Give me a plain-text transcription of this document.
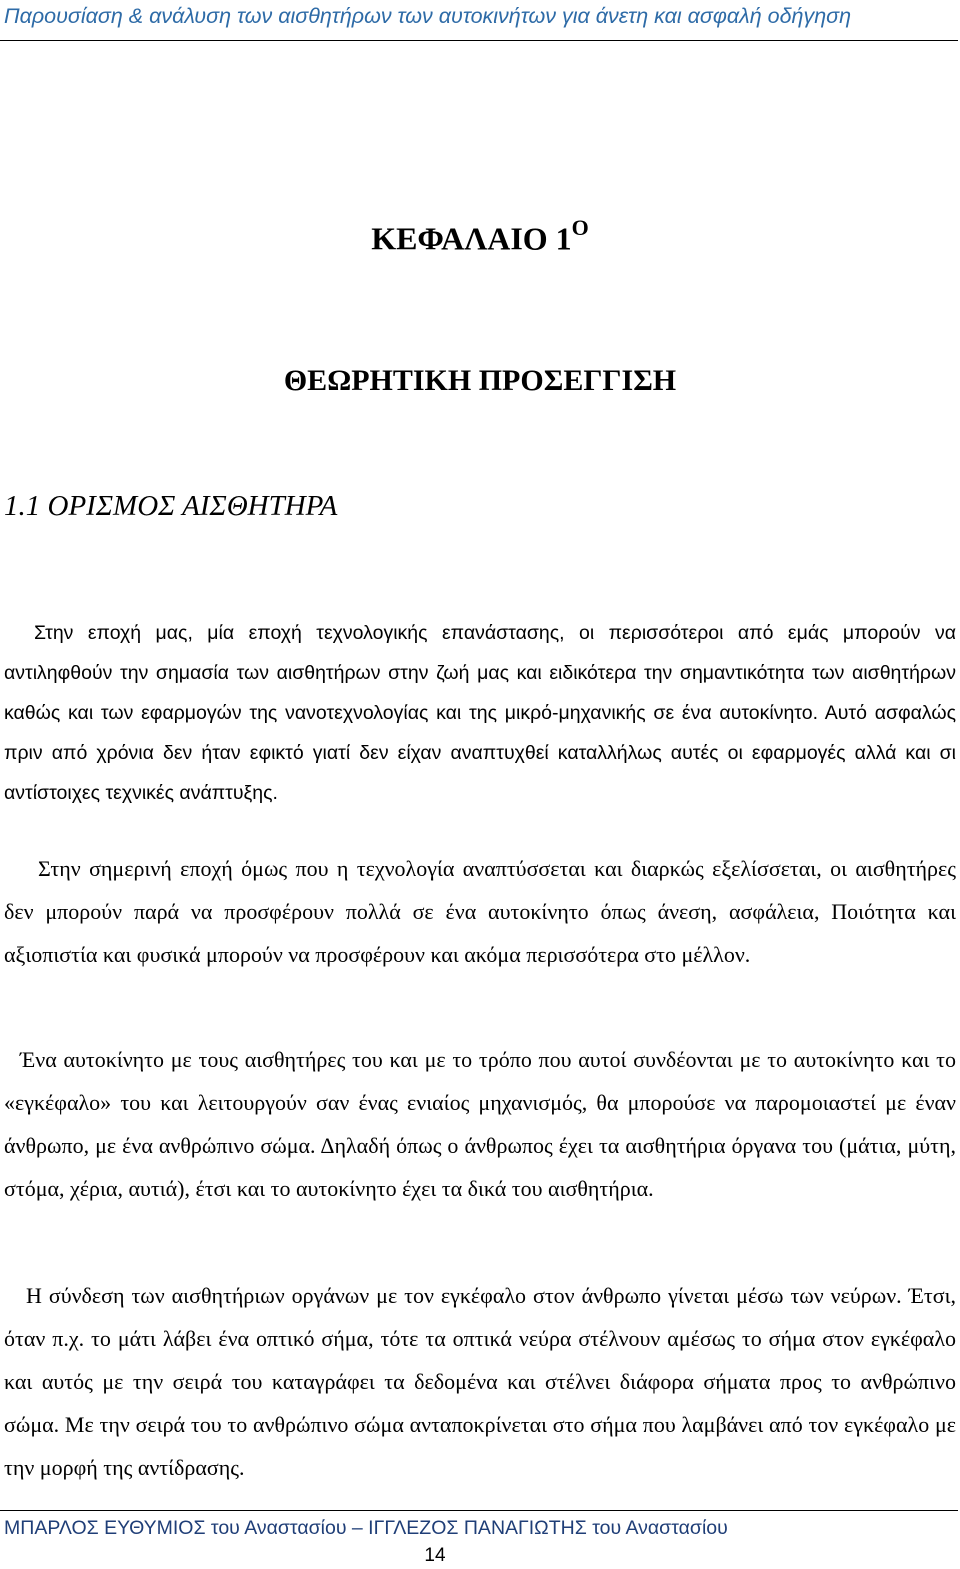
Παρουσίαση & ανάλυση των αισθητήρων των αυτοκινήτων για άνετη και ασφαλή οδήγηση
ΚΕΦΑΛΑΙΟ $1^O$
ΘΕΩΡΗΤΙΚΗ ΠΡΟΣΕΓΓΙΣΗ
1.1 ΟΡΙΣΜΟΣ ΑΙΣΘΗΤΗΡΑ

Στην εποχή μας, μία εποχή τεχνολογικής επανάστασης, οι περισσότεροι από εμάς μπορούν να αντιληφθούν την σημασία των αισθητήρων στην ζωή μας και ειδικότερα την σημαντικότητα των αισθητήρων καθώς και των εφαρμογών της νανοτεχνολογίας και της μικρό-μηχανικής σε ένα αυτοκίνητο. Αυτό ασφαλώς πριν από χρόνια δεν ήταν εφικτό γιατί δεν είχαν αναπτυχθεί καταλλήλως αυτές οι εφαρμογές αλλά και σι αντίστοιχες τεχνικές ανάπτυξης.

Στην σημερινή εποχή όμως που η τεχνολογία αναπτύσσεται και διαρκώς εξελίσσεται, οι αισθητήρες δεν μπορούν παρά να προσφέρουν πολλά σε ένα αυτοκίνητο όπως άνεση, ασφάλεια, Ποιότητα και αξιοπιστία και φυσικά μπορούν να προσφέρουν και ακόμα περισσότερα στο μέλλον.

Ένα αυτοκίνητο με τους αισθητήρες του και με το τρόπο που αυτοί συνδέονται με το αυτοκίνητο και το «εγκέφαλο» του και λειτουργούν σαν ένας ενιαίος μηχανισμός, θα μπορούσε να παρομοιαστεί με έναν άνθρωπο, με ένα ανθρώπινο σώμα. Δηλαδή όπως ο άνθρωπος έχει τα αισθητήρια όργανα του (μάτια, μύτη, στόμα, χέρια, αυτιά), έτσι και το αυτοκίνητο έχει τα δικά του αισθητήρια.

Η σύνδεση των αισθητήριων οργάνων με τον εγκέφαλο στον άνθρωπο γίνεται μέσω των νεύρων. Έτσι, όταν π.χ. το μάτι λάβει ένα οπτικό σήμα, τότε τα οπτικά νεύρα στέλνουν αμέσως το σήμα στον εγκέφαλο και αυτός με την σειρά του καταγράφει τα δεδομένα και στέλνει διάφορα σήματα προς το ανθρώπινο σώμα. Με την σειρά του το ανθρώπινο σώμα ανταποκρίνεται στο σήμα που λαμβάνει από τον εγκέφαλο με την μορφή της αντίδρασης.

ΜΠΑΡΛΟΣ ΕΥΘΥΜΙΟΣ του Αναστασίου – ΙΓΓΛΕΖΟΣ ΠΑΝΑΓΙΩΤΗΣ του Αναστασίου
14
